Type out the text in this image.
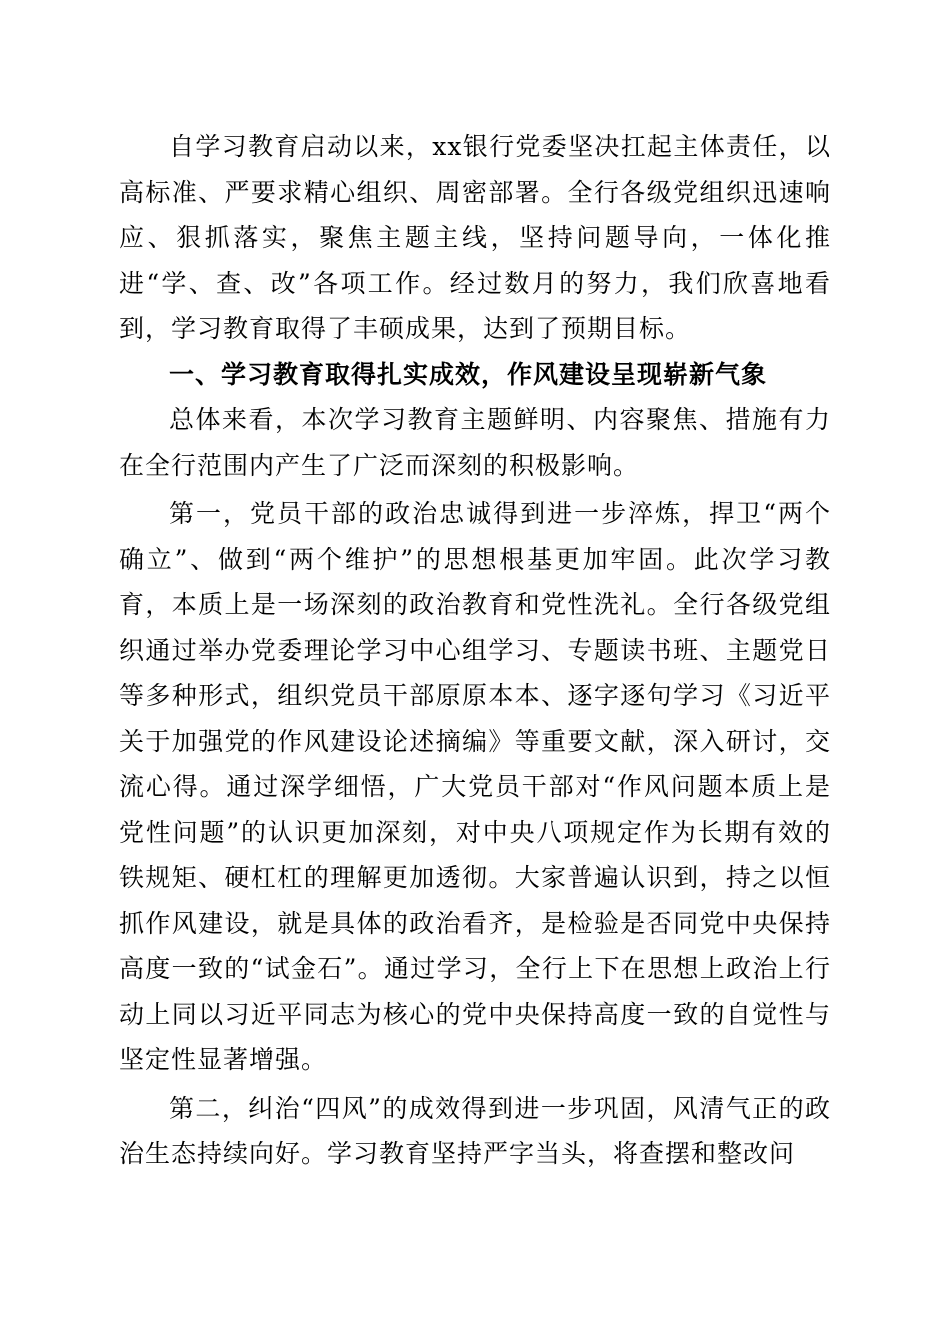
自学习教育启动以来，xx银行党委坚决扛起主体责任，以高标准、严要求精心组织、周密部署。全行各级党组织迅速响应、狠抓落实，聚焦主题主线，坚持问题导向，一体化推进“学、查、改”各项工作。经过数月的努力，我们欣喜地看到，学习教育取得了丰硕成果，达到了预期目标。

一、学习教育取得扎实成效，作风建设呈现崭新气象

总体来看，本次学习教育主题鲜明、内容聚焦、措施有力在全行范围内产生了广泛而深刻的积极影响。

第一，党员干部的政治忠诚得到进一步淬炼，捍卫“两个确立”、做到“两个维护”的思想根基更加牢固。此次学习教育，本质上是一场深刻的政治教育和党性洗礼。全行各级党组织通过举办党委理论学习中心组学习、专题读书班、主题党日等多种形式，组织党员干部原原本本、逐字逐句学习《习近平关于加强党的作风建设论述摘编》等重要文献，深入研讨，交流心得。通过深学细悟，广大党员干部对“作风问题本质上是党性问题”的认识更加深刻，对中央八项规定作为长期有效的铁规矩、硬杠杠的理解更加透彻。大家普遍认识到，持之以恒抓作风建设，就是具体的政治看齐，是检验是否同党中央保持高度一致的“试金石”。通过学习，全行上下在思想上政治上行动上同以习近平同志为核心的党中央保持高度一致的自觉性与坚定性显著增强。

第二，纠治“四风”的成效得到进一步巩固，风清气正的政治生态持续向好。学习教育坚持严字当头，将查摆和整改问
